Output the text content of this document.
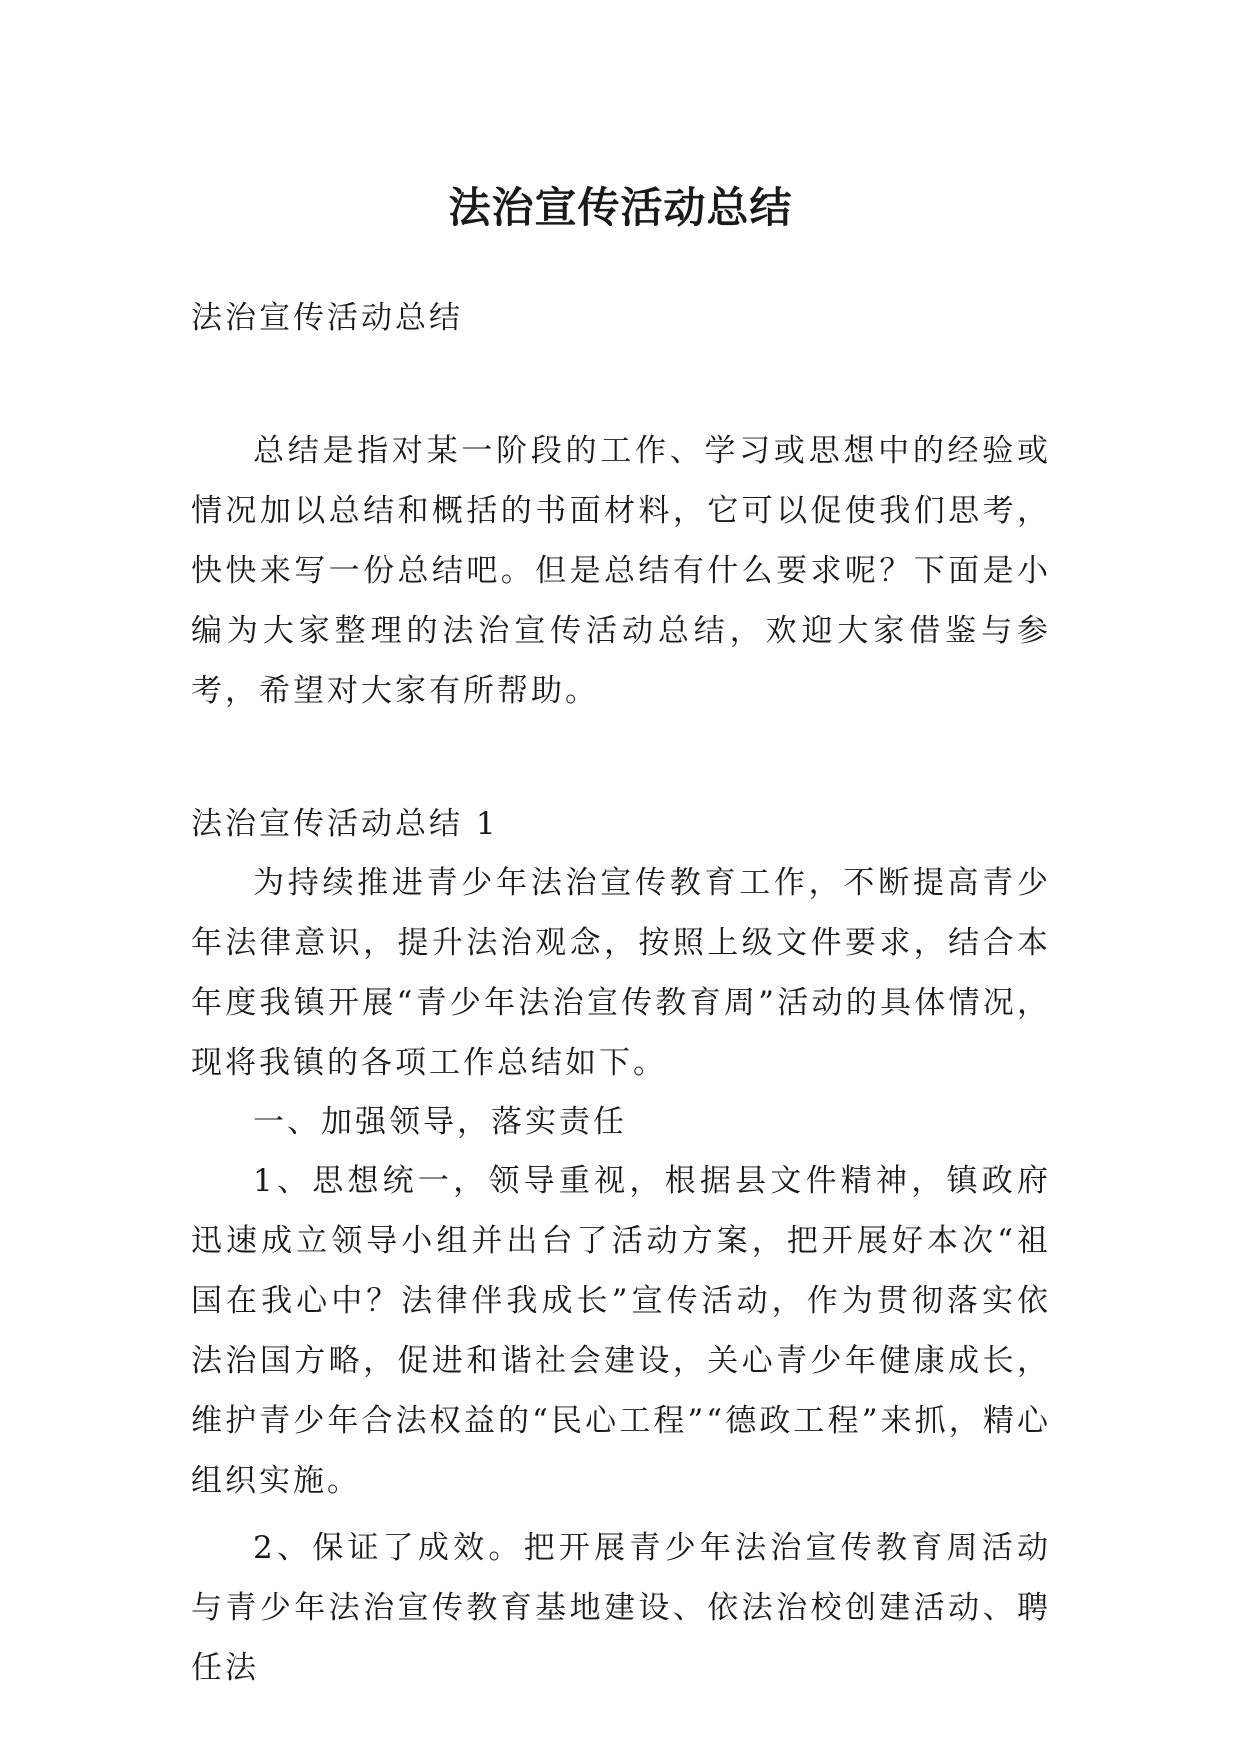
法治宣传活动总结

法治宣传活动总结

总结是指对某一阶段的工作、学习或思想中的经验或情况加以总结和概括的书面材料，它可以促使我们思考，快快来写一份总结吧。但是总结有什么要求呢？下面是小编为大家整理的法治宣传活动总结，欢迎大家借鉴与参考，希望对大家有所帮助。

法治宣传活动总结 1

为持续推进青少年法治宣传教育工作，不断提高青少年法律意识，提升法治观念，按照上级文件要求，结合本年度我镇开展“青少年法治宣传教育周”活动的具体情况，现将我镇的各项工作总结如下。

一、加强领导，落实责任

1、思想统一，领导重视，根据县文件精神，镇政府迅速成立领导小组并出台了活动方案，把开展好本次“祖国在我心中？法律伴我成长”宣传活动，作为贯彻落实依法治国方略，促进和谐社会建设，关心青少年健康成长，维护青少年合法权益的“民心工程”“德政工程”来抓，精心组织实施。

2、保证了成效。把开展青少年法治宣传教育周活动与青少年法治宣传教育基地建设、依法治校创建活动、聘任法
